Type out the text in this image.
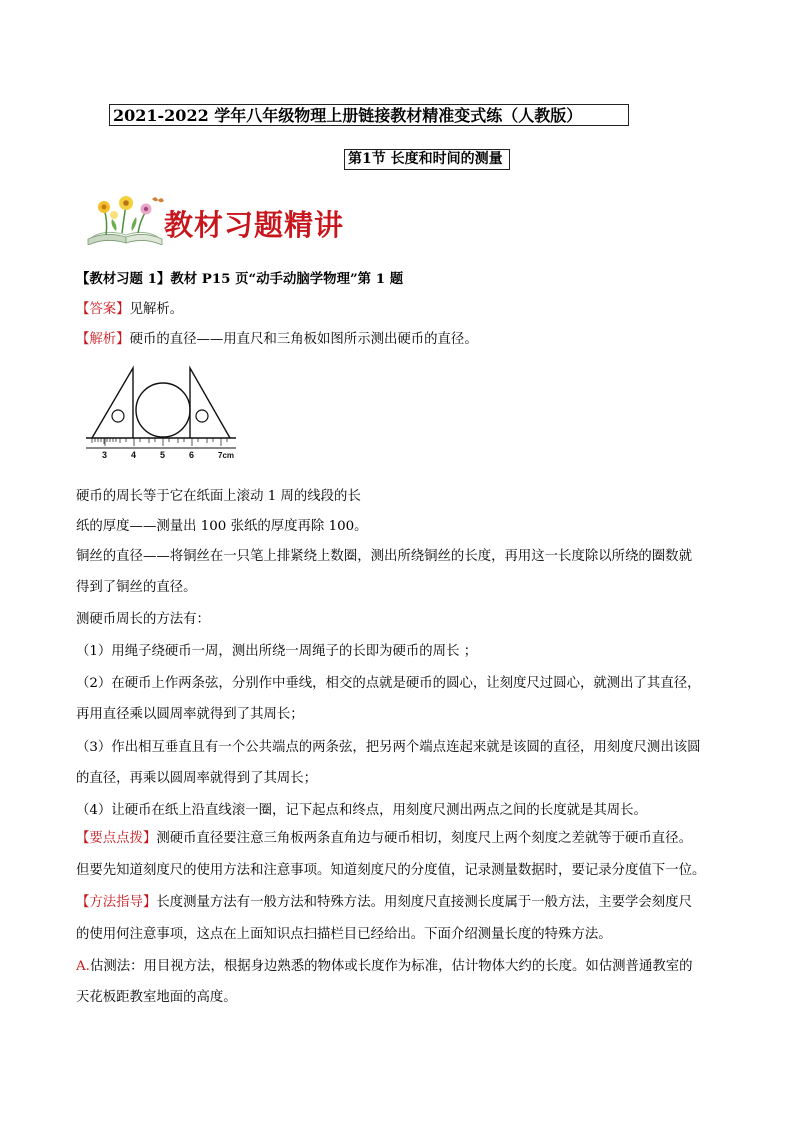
2021-2022 学年八年级物理上册链接教材精准变式练（人教版）
第1节 长度和时间的测量
教材习题精讲
【教材习题 1】教材 P15 页“动手动脑学物理”第 1 题
【答案】见解析。
【解析】硬币的直径——用直尺和三角板如图所示测出硬币的直径。
3	4	5	6	7cm
硬币的周长等于它在纸面上滚动 1 周的线段的长
纸的厚度——测量出 100 张纸的厚度再除 100。
铜丝的直径——将铜丝在一只笔上排紧绕上数圈，测出所绕铜丝的长度，再用这一长度除以所绕的圈数就
得到了铜丝的直径。
测硬币周长的方法有：
（1）用绳子绕硬币一周，测出所绕一周绳子的长即为硬币的周长 ；
（2）在硬币上作两条弦，分别作中垂线，相交的点就是硬币的圆心，让刻度尺过圆心，就测出了其直径，
再用直径乘以圆周率就得到了其周长；
（3）作出相互垂直且有一个公共端点的两条弦，把另两个端点连起来就是该圆的直径，用刻度尺测出该圆
的直径，再乘以圆周率就得到了其周长；
（4）让硬币在纸上沿直线滚一圈，记下起点和终点，用刻度尺测出两点之间的长度就是其周长。
【要点点拨】测硬币直径要注意三角板两条直角边与硬币相切，刻度尺上两个刻度之差就等于硬币直径。
但要先知道刻度尺的使用方法和注意事项。知道刻度尺的分度值，记录测量数据时，要记录分度值下一位。
【方法指导】长度测量方法有一般方法和特殊方法。用刻度尺直接测长度属于一般方法，主要学会刻度尺
的使用何注意事项，这点在上面知识点扫描栏目已经给出。下面介绍测量长度的特殊方法。
A.估测法：用目视方法，根据身边熟悉的物体或长度作为标准，估计物体大约的长度。如估测普通教室的
天花板距教室地面的高度。
